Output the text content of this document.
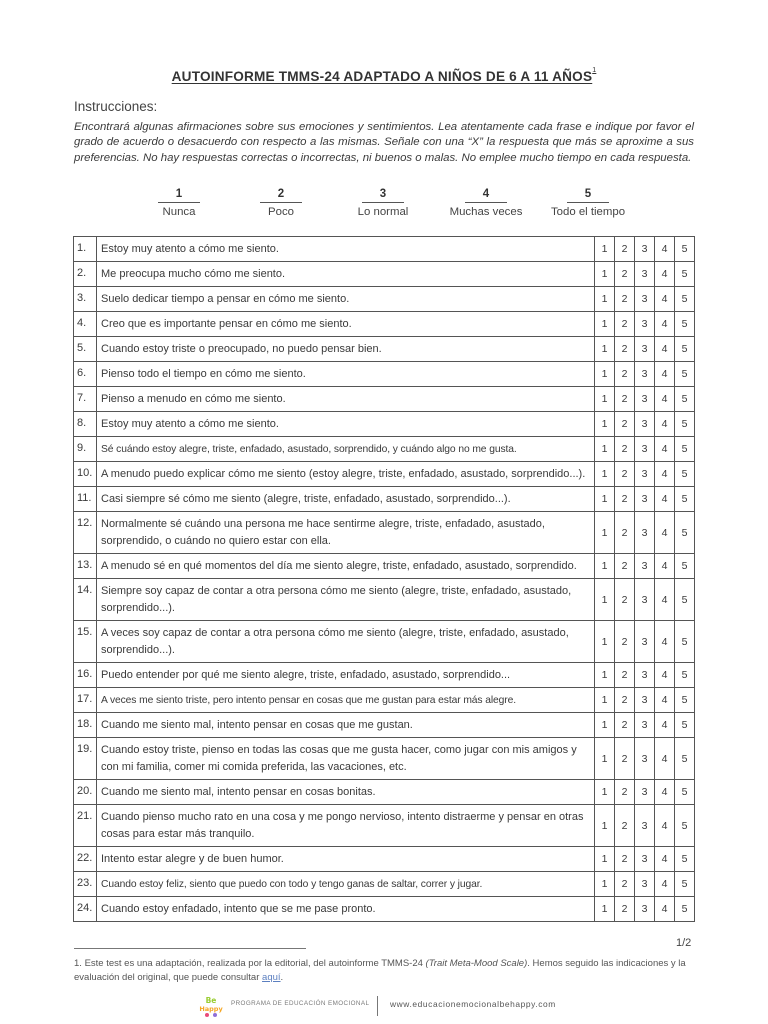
AUTOINFORME TMMS-24 ADAPTADO A NIÑOS DE 6 A 11 AÑOS$^1$
Instrucciones:
Encontrará algunas afirmaciones sobre sus emociones y sentimientos. Lea atentamente cada frase e indique por favor el grado de acuerdo o desacuerdo con respecto a las mismas. Señale con una “X” la respuesta que más se aproxime a sus preferencias. No hay respuestas correctas o incorrectas, ni buenos o malas. No emplee mucho tiempo en cada respuesta.
1
Nunca
2
Poco
3
Lo normal
4
Muchas veces
5
Todo el tiempo
1.	Estoy muy atento a cómo me siento.	1	2	3	4	5
2.	Me preocupa mucho cómo me siento.	1	2	3	4	5
3.	Suelo dedicar tiempo a pensar en cómo me siento.	1	2	3	4	5
4.	Creo que es importante pensar en cómo me siento.	1	2	3	4	5
5.	Cuando estoy triste o preocupado, no puedo pensar bien.	1	2	3	4	5
6.	Pienso todo el tiempo en cómo me siento.	1	2	3	4	5
7.	Pienso a menudo en cómo me siento.	1	2	3	4	5
8.	Estoy muy atento a cómo me siento.	1	2	3	4	5
9.	Sé cuándo estoy alegre, triste, enfadado, asustado, sorprendido, y cuándo algo no me gusta.	1	2	3	4	5
10.	A menudo puedo explicar cómo me siento (estoy alegre, triste, enfadado, asustado, sorprendido...).	1	2	3	4	5
11.	Casi siempre sé cómo me siento (alegre, triste, enfadado, asustado, sorprendido...).	1	2	3	4	5
12.	Normalmente sé cuándo una persona me hace sentirme alegre, triste, enfadado, asustado, sorprendido, o cuándo no quiero estar con ella.	1	2	3	4	5
13.	A menudo sé en qué momentos del día me siento alegre, triste, enfadado, asustado, sorprendido.	1	2	3	4	5
14.	Siempre soy capaz de contar a otra persona cómo me siento (alegre, triste, enfadado, asustado, sorprendido...).	1	2	3	4	5
15.	A veces soy capaz de contar a otra persona cómo me siento (alegre, triste, enfadado, asustado, sorprendido...).	1	2	3	4	5
16.	Puedo entender por qué me siento alegre, triste, enfadado, asustado, sorprendido...	1	2	3	4	5
17.	A veces me siento triste, pero intento pensar en cosas que me gustan para estar más alegre.	1	2	3	4	5
18.	Cuando me siento mal, intento pensar en cosas que me gustan.	1	2	3	4	5
19.	Cuando estoy triste, pienso en todas las cosas que me gusta hacer, como jugar con mis amigos y con mi familia, comer mi comida preferida, las vacaciones, etc.	1	2	3	4	5
20.	Cuando me siento mal, intento pensar en cosas bonitas.	1	2	3	4	5
21.	Cuando pienso mucho rato en una cosa y me pongo nervioso, intento distraerme y pensar en otras cosas para estar más tranquilo.	1	2	3	4	5
22.	Intento estar alegre y de buen humor.	1	2	3	4	5
23.	Cuando estoy feliz, siento que puedo con todo y tengo ganas de saltar, correr y jugar.	1	2	3	4	5
24.	Cuando estoy enfadado, intento que se me pase pronto.	1	2	3	4	5
1/2
1. Este test es una adaptación, realizada por la editorial, del autoinforme TMMS-24 (Trait Meta-Mood Scale). Hemos seguido las indicaciones y la evaluación del original, que puede consultar aquí.
Be
Happy
PROGRAMA DE EDUCACIÓN EMOCIONAL www.educacionemocionalbehappy.com
